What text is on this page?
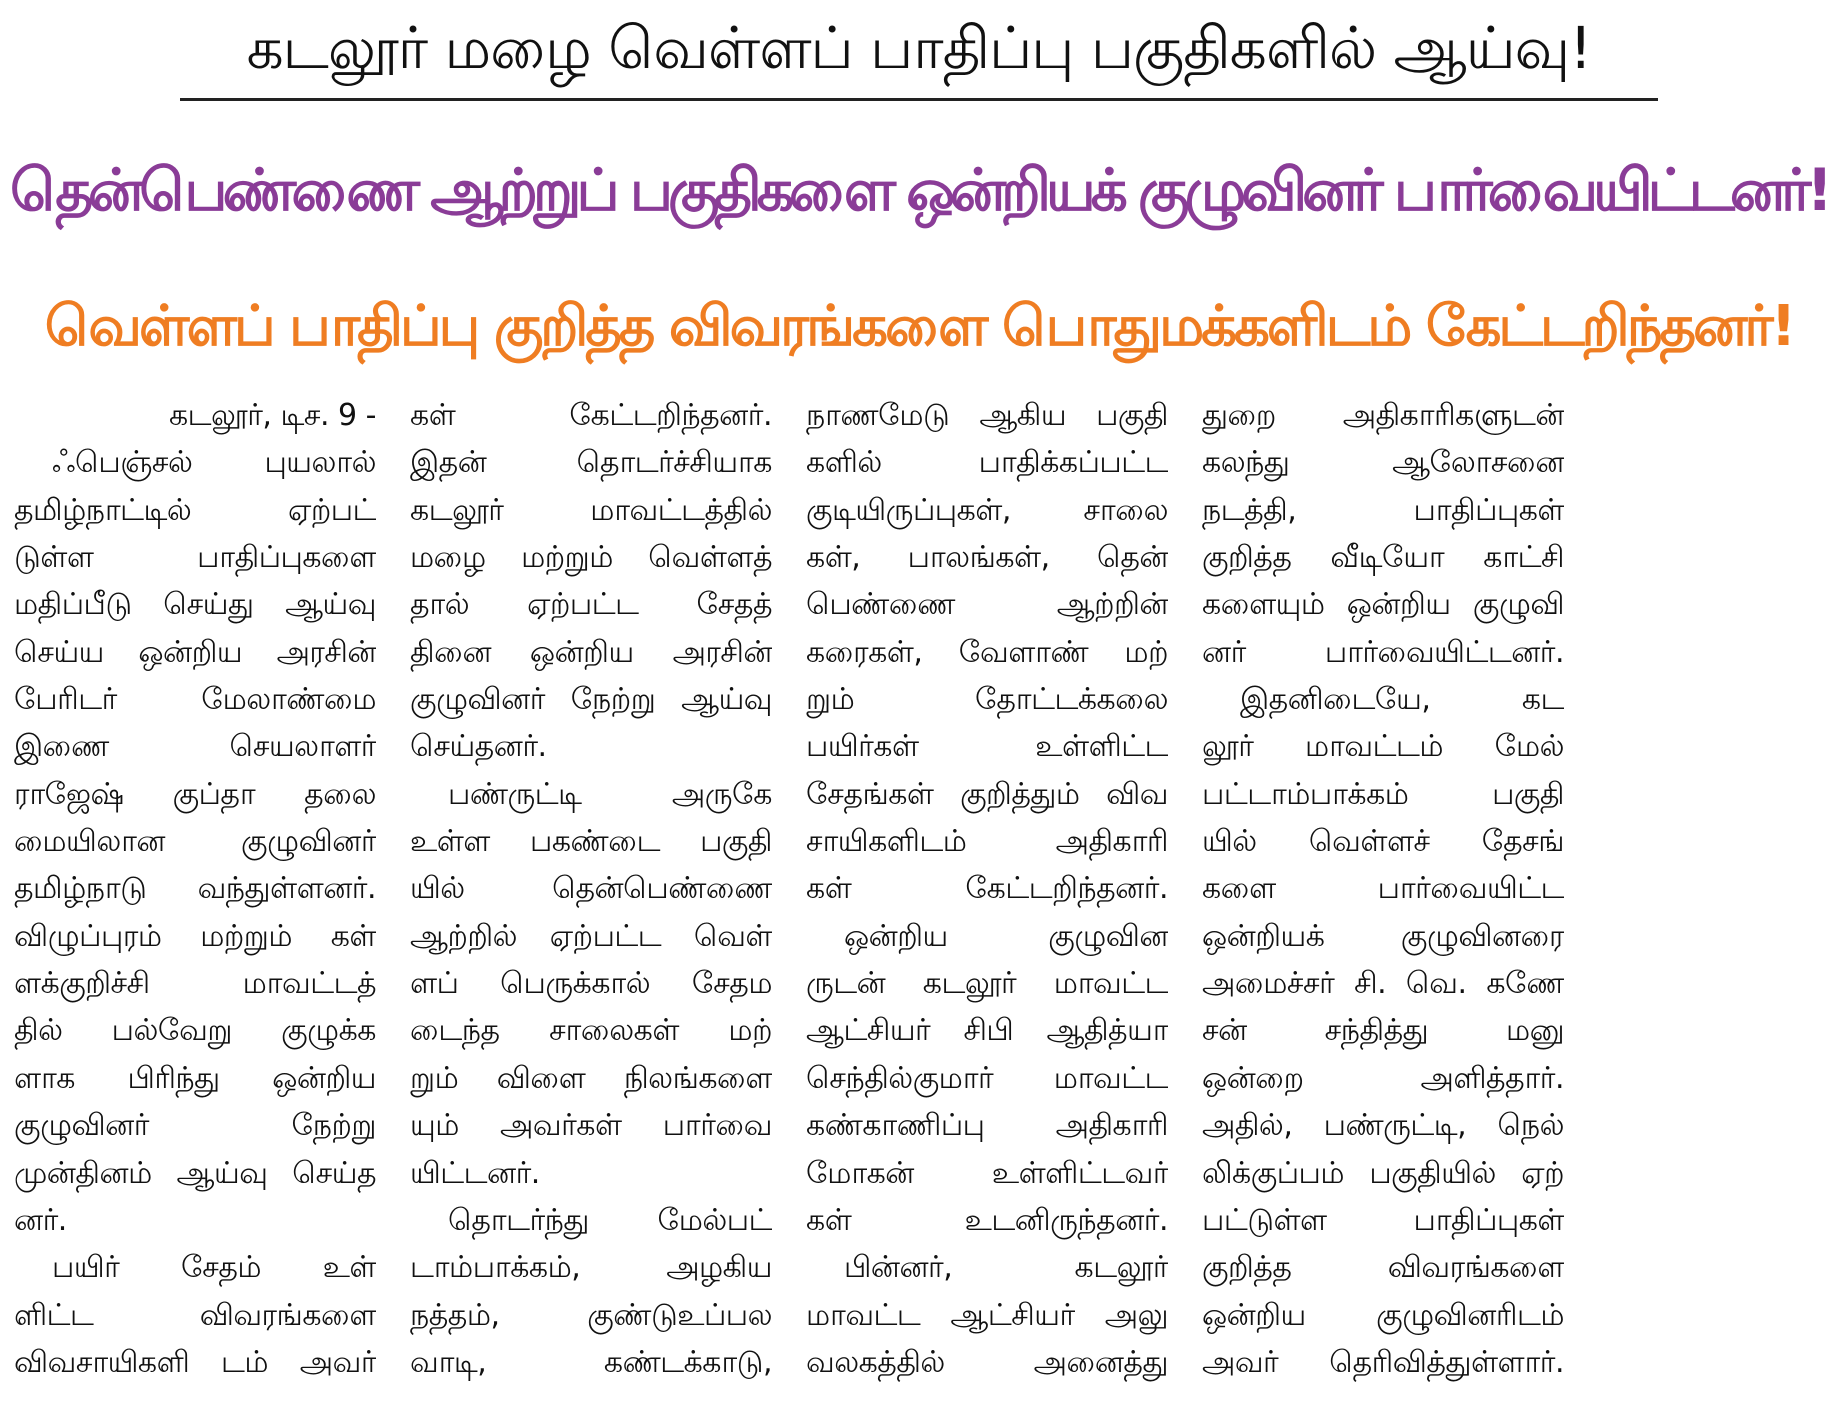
கடலூர் மழை வெள்ளப் பாதிப்பு பகுதிகளில் ஆய்வு!
தென்பெண்ணை ஆற்றுப் பகுதிகளை ஒன்றியக் குழுவினர் பார்வையிட்டனர்!
வெள்ளப் பாதிப்பு குறித்த விவரங்களை பொதுமக்களிடம் கேட்டறிந்தனர்!
கடலூர், டிச. 9 -
ஃபெஞ்சல் புயலால்
தமிழ்நாட்டில் ஏற்பட்
டுள்ள பாதிப்புகளை
மதிப்பீடு செய்து ஆய்வு
செய்ய ஒன்றிய அரசின்
பேரிடர் மேலாண்மை
இணை செயலாளர்
ராஜேஷ் குப்தா தலை
மையிலான குழுவினர்
தமிழ்நாடு வந்துள்ளனர்.
விழுப்புரம் மற்றும் கள்
ளக்குறிச்சி மாவட்டத்
தில் பல்வேறு குழுக்க
ளாக பிரிந்து ஒன்றிய
குழுவினர் நேற்று
முன்தினம் ஆய்வு செய்த
னர்.
பயிர் சேதம் உள்
ளிட்ட விவரங்களை
விவசாயிகளி டம் அவர்
கள் கேட்டறிந்தனர்.
இதன் தொடர்ச்சியாக
கடலூர் மாவட்டத்தில்
மழை மற்றும் வெள்ளத்
தால் ஏற்பட்ட சேதத்
தினை ஒன்றிய அரசின்
குழுவினர் நேற்று ஆய்வு
செய்தனர்.
பண்ருட்டி அருகே
உள்ள பகண்டை பகுதி
யில் தென்பெண்ணை
ஆற்றில் ஏற்பட்ட வெள்
ளப் பெருக்கால் சேதம
டைந்த சாலைகள் மற்
றும் விளை நிலங்களை
யும் அவர்கள் பார்வை
யிட்டனர்.
தொடர்ந்து மேல்பட்
டாம்பாக்கம், அழகிய
நத்தம், குண்டுஉப்பல
வாடி, கண்டக்காடு,
நாணமேடு ஆகிய பகுதி
களில் பாதிக்கப்பட்ட
குடியிருப்புகள், சாலை
கள், பாலங்கள், தென்
பெண்ணை ஆற்றின்
கரைகள், வேளாண் மற்
றும் தோட்டக்கலை
பயிர்கள் உள்ளிட்ட
சேதங்கள் குறித்தும் விவ
சாயிகளிடம் அதிகாரி
கள் கேட்டறிந்தனர்.
ஒன்றிய குழுவின
ருடன் கடலூர் மாவட்ட
ஆட்சியர் சிபி ஆதித்யா
செந்தில்குமார் மாவட்ட
கண்காணிப்பு அதிகாரி
மோகன் உள்ளிட்டவர்
கள் உடனிருந்தனர்.
பின்னர், கடலூர்
மாவட்ட ஆட்சியர் அலு
வலகத்தில் அனைத்து
துறை அதிகாரிகளுடன்
கலந்து ஆலோசனை
நடத்தி, பாதிப்புகள்
குறித்த வீடியோ காட்சி
களையும் ஒன்றிய குழுவி
னர் பார்வையிட்டனர்.
இதனிடையே, கட
லூர் மாவட்டம் மேல்
பட்டாம்பாக்கம் பகுதி
யில் வெள்ளச் தேசங்
களை பார்வையிட்ட
ஒன்றியக் குழுவினரை
அமைச்சர் சி. வெ. கணே
சன் சந்தித்து மனு
ஒன்றை அளித்தார்.
அதில், பண்ருட்டி, நெல்
லிக்குப்பம் பகுதியில் ஏற்
பட்டுள்ள பாதிப்புகள்
குறித்த விவரங்களை
ஒன்றிய குழுவினரிடம்
அவர் தெரிவித்துள்ளார்.
